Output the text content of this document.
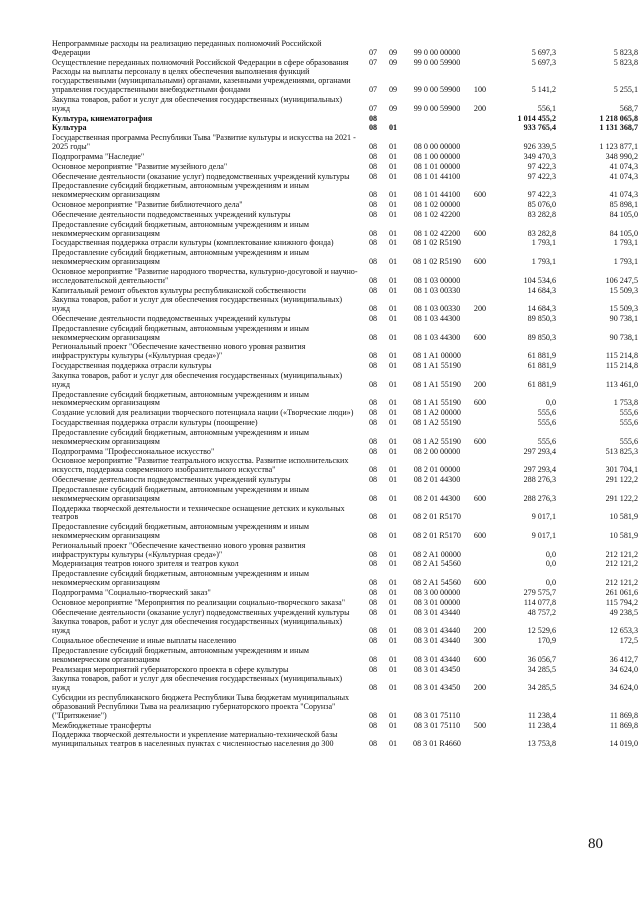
Непрограммные расходы на реализацию переданных полномочий Российской Федерации	07	09	99 0 00 00000		5 697,3	5 823,8
Осуществление переданных полномочий Российской Федерации в сфере образования	07	09	99 0 00 59900		5 697,3	5 823,8
Расходы на выплаты персоналу в целях обеспечения выполнения функций государственными (муниципальными) органами, казенными учреждениями, органами управления государственными внебюджетными фондами	07	09	99 0 00 59900	100	5 141,2	5 255,1
Закупка товаров, работ и услуг для обеспечения государственных (муниципальных) нужд	07	09	99 0 00 59900	200	556,1	568,7
Культура, кинематография	08				1 014 455,2	1 218 065,8
Культура	08	01			933 765,4	1 131 368,7
Государственная программа Республики Тыва "Развитие культуры и искусства на 2021 - 2025 годы"	08	01	08 0 00 00000		926 339,5	1 123 877,1
Подпрограмма "Наследие"	08	01	08 1 00 00000		349 470,3	348 990,2
Основное мероприятие "Развитие музейного дела"	08	01	08 1 01 00000		97 422,3	41 074,3
Обеспечение деятельности (оказание услуг) подведомственных учреждений культуры	08	01	08 1 01 44100		97 422,3	41 074,3
Предоставление субсидий бюджетным, автономным учреждениям и иным некоммерческим организациям	08	01	08 1 01 44100	600	97 422,3	41 074,3
Основное мероприятие "Развитие библиотечного дела"	08	01	08 1 02 00000		85 076,0	85 898,1
Обеспечение деятельности подведомственных учреждений культуры	08	01	08 1 02 42200		83 282,8	84 105,0
Предоставление субсидий бюджетным, автономным учреждениям и иным некоммерческим организациям	08	01	08 1 02 42200	600	83 282,8	84 105,0
Государственная поддержка отрасли культуры (комплектование книжного фонда)	08	01	08 1 02 R5190		1 793,1	1 793,1
Предоставление субсидий бюджетным, автономным учреждениям и иным некоммерческим организациям	08	01	08 1 02 R5190	600	1 793,1	1 793,1
Основное мероприятие "Развитие народного творчества, культурно-досуговой и научно-исследовательской деятельности"	08	01	08 1 03 00000		104 534,6	106 247,5
Капитальный ремонт объектов культуры республиканской собственности	08	01	08 1 03 00330		14 684,3	15 509,3
Закупка товаров, работ и услуг для обеспечения государственных (муниципальных) нужд	08	01	08 1 03 00330	200	14 684,3	15 509,3
Обеспечение деятельности подведомственных учреждений культуры	08	01	08 1 03 44300		89 850,3	90 738,1
Предоставление субсидий бюджетным, автономным учреждениям и иным некоммерческим организациям	08	01	08 1 03 44300	600	89 850,3	90 738,1
Региональный проект "Обеспечение качественно нового уровня развития инфраструктуры культуры («Культурная среда»)"	08	01	08 1 A1 00000		61 881,9	115 214,8
Государственная поддержка отрасли культуры	08	01	08 1 A1 55190		61 881,9	115 214,8
Закупка товаров, работ и услуг для обеспечения государственных (муниципальных) нужд	08	01	08 1 A1 55190	200	61 881,9	113 461,0
Предоставление субсидий бюджетным, автономным учреждениям и иным некоммерческим организациям	08	01	08 1 A1 55190	600	0,0	1 753,8
Создание условий для реализации творческого потенциала нации («Творческие люди»)	08	01	08 1 A2 00000		555,6	555,6
Государственная поддержка отрасли культуры (поощрение)	08	01	08 1 A2 55190		555,6	555,6
Предоставление субсидий бюджетным, автономным учреждениям и иным некоммерческим организациям	08	01	08 1 A2 55190	600	555,6	555,6
Подпрограмма "Профессиональное искусство"	08	01	08 2 00 00000		297 293,4	513 825,3
Основное мероприятие "Развитие театрального искусства. Развитие исполнительских искусств, поддержка современного изобразительного искусства"	08	01	08 2 01 00000		297 293,4	301 704,1
Обеспечение деятельности подведомственных учреждений культуры	08	01	08 2 01 44300		288 276,3	291 122,2
Предоставление субсидий бюджетным, автономным учреждениям и иным некоммерческим организациям	08	01	08 2 01 44300	600	288 276,3	291 122,2
Поддержка творческой деятельности и техническое оснащение детских и кукольных театров	08	01	08 2 01 R5170		9 017,1	10 581,9
Предоставление субсидий бюджетным, автономным учреждениям и иным некоммерческим организациям	08	01	08 2 01 R5170	600	9 017,1	10 581,9
Региональный проект "Обеспечение качественно нового уровня развития инфраструктуры культуры («Культурная среда»)"	08	01	08 2 A1 00000		0,0	212 121,2
Модернизация театров юного зрителя и театров кукол	08	01	08 2 A1 54560		0,0	212 121,2
Предоставление субсидий бюджетным, автономным учреждениям и иным некоммерческим организациям	08	01	08 2 A1 54560	600	0,0	212 121,2
Подпрограмма "Социально-творческий заказ"	08	01	08 3 00 00000		279 575,7	261 061,6
Основное мероприятие "Мероприятия по реализации социально-творческого заказа"	08	01	08 3 01 00000		114 077,8	115 794,2
Обеспечение деятельности (оказание услуг) подведомственных учреждений культуры	08	01	08 3 01 43440		48 757,2	49 238,5
Закупка товаров, работ и услуг для обеспечения государственных (муниципальных) нужд	08	01	08 3 01 43440	200	12 529,6	12 653,3
Социальное обеспечение и иные выплаты населению	08	01	08 3 01 43440	300	170,9	172,5
Предоставление субсидий бюджетным, автономным учреждениям и иным некоммерческим организациям	08	01	08 3 01 43440	600	36 056,7	36 412,7
Реализация мероприятий губернаторского проекта в сфере культуры	08	01	08 3 01 43450		34 285,5	34 624,0
Закупка товаров, работ и услуг для обеспечения государственных (муниципальных) нужд	08	01	08 3 01 43450	200	34 285,5	34 624,0
Субсидии из республиканского бюджета Республики Тыва бюджетам муниципальных образований Республики Тыва на реализацию губернаторского проекта "Сорунза" ("Притяжение")	08	01	08 3 01 75110		11 238,4	11 869,8
Межбюджетные трансферты	08	01	08 3 01 75110	500	11 238,4	11 869,8
Поддержка творческой деятельности и укрепление материально-технической базы муниципальных театров в населенных пунктах с численностью населения до 300	08	01	08 3 01 R4660		13 753,8	14 019,0
80
